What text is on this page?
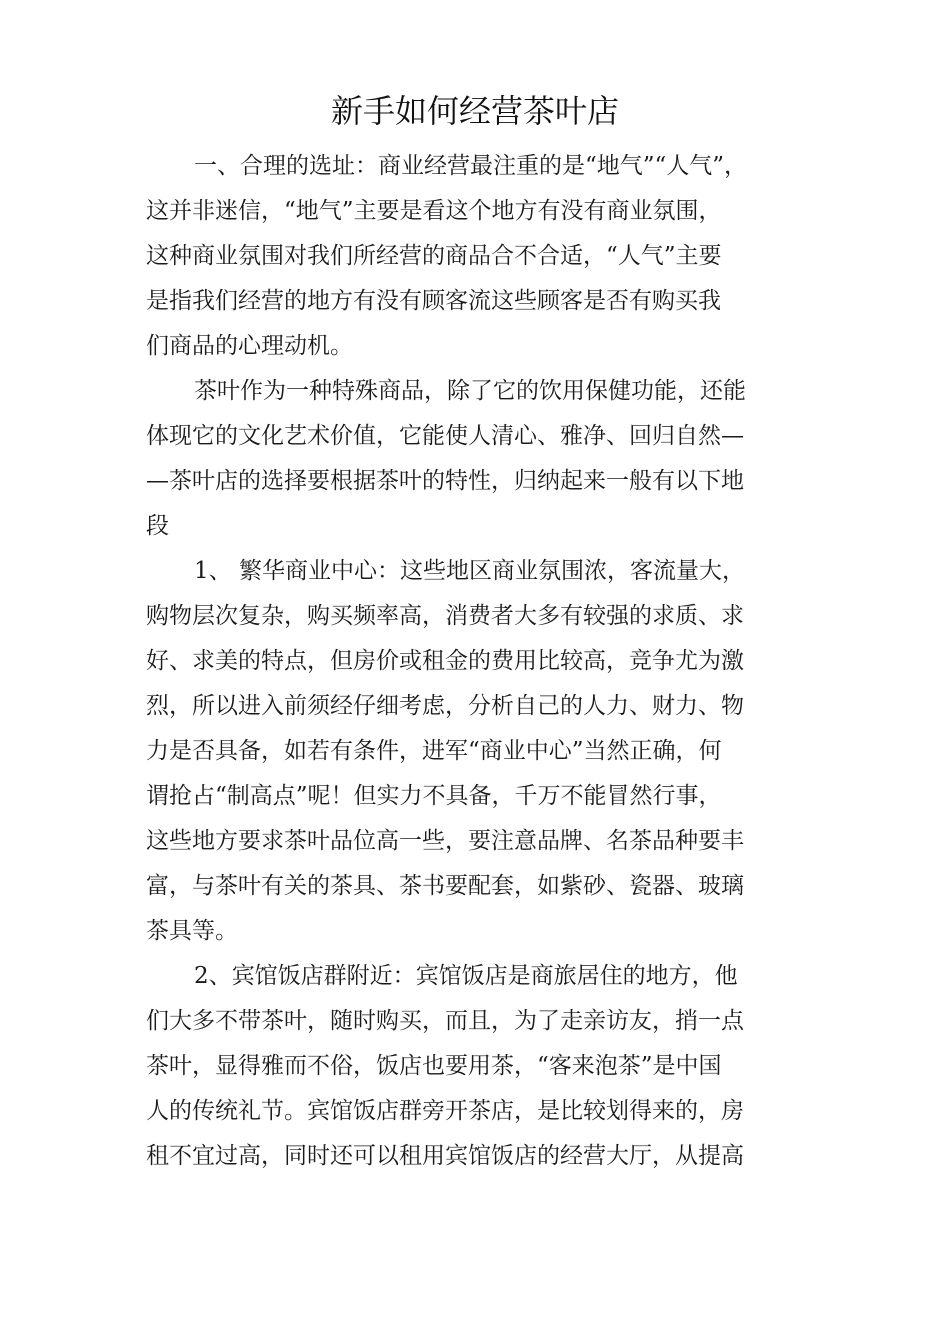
新手如何经营茶叶店
一、合理的选址：商业经营最注重的是“地气”“人气”，
这并非迷信，“地气”主要是看这个地方有没有商业氛围，
这种商业氛围对我们所经营的商品合不合适，“人气”主要
是指我们经营的地方有没有顾客流这些顾客是否有购买我
们商品的心理动机。
茶叶作为一种特殊商品，除了它的饮用保健功能，还能
体现它的文化艺术价值，它能使人清心、雅净、回归自然—
—茶叶店的选择要根据茶叶的特性，归纳起来一般有以下地
段
1、 繁华商业中心：这些地区商业氛围浓，客流量大，
购物层次复杂，购买频率高，消费者大多有较强的求质、求
好、求美的特点，但房价或租金的费用比较高，竞争尤为激
烈，所以进入前须经仔细考虑，分析自己的人力、财力、物
力是否具备，如若有条件，进军“商业中心”当然正确，何
谓抢占“制高点”呢！但实力不具备，千万不能冒然行事，
这些地方要求茶叶品位高一些，要注意品牌、名茶品种要丰
富，与茶叶有关的茶具、茶书要配套，如紫砂、瓷器、玻璃
茶具等。
2、宾馆饭店群附近：宾馆饭店是商旅居住的地方，他
们大多不带茶叶，随时购买，而且，为了走亲访友，捎一点
茶叶，显得雅而不俗，饭店也要用茶，“客来泡茶”是中国
人的传统礼节。宾馆饭店群旁开茶店，是比较划得来的，房
租不宜过高，同时还可以租用宾馆饭店的经营大厅，从提高
